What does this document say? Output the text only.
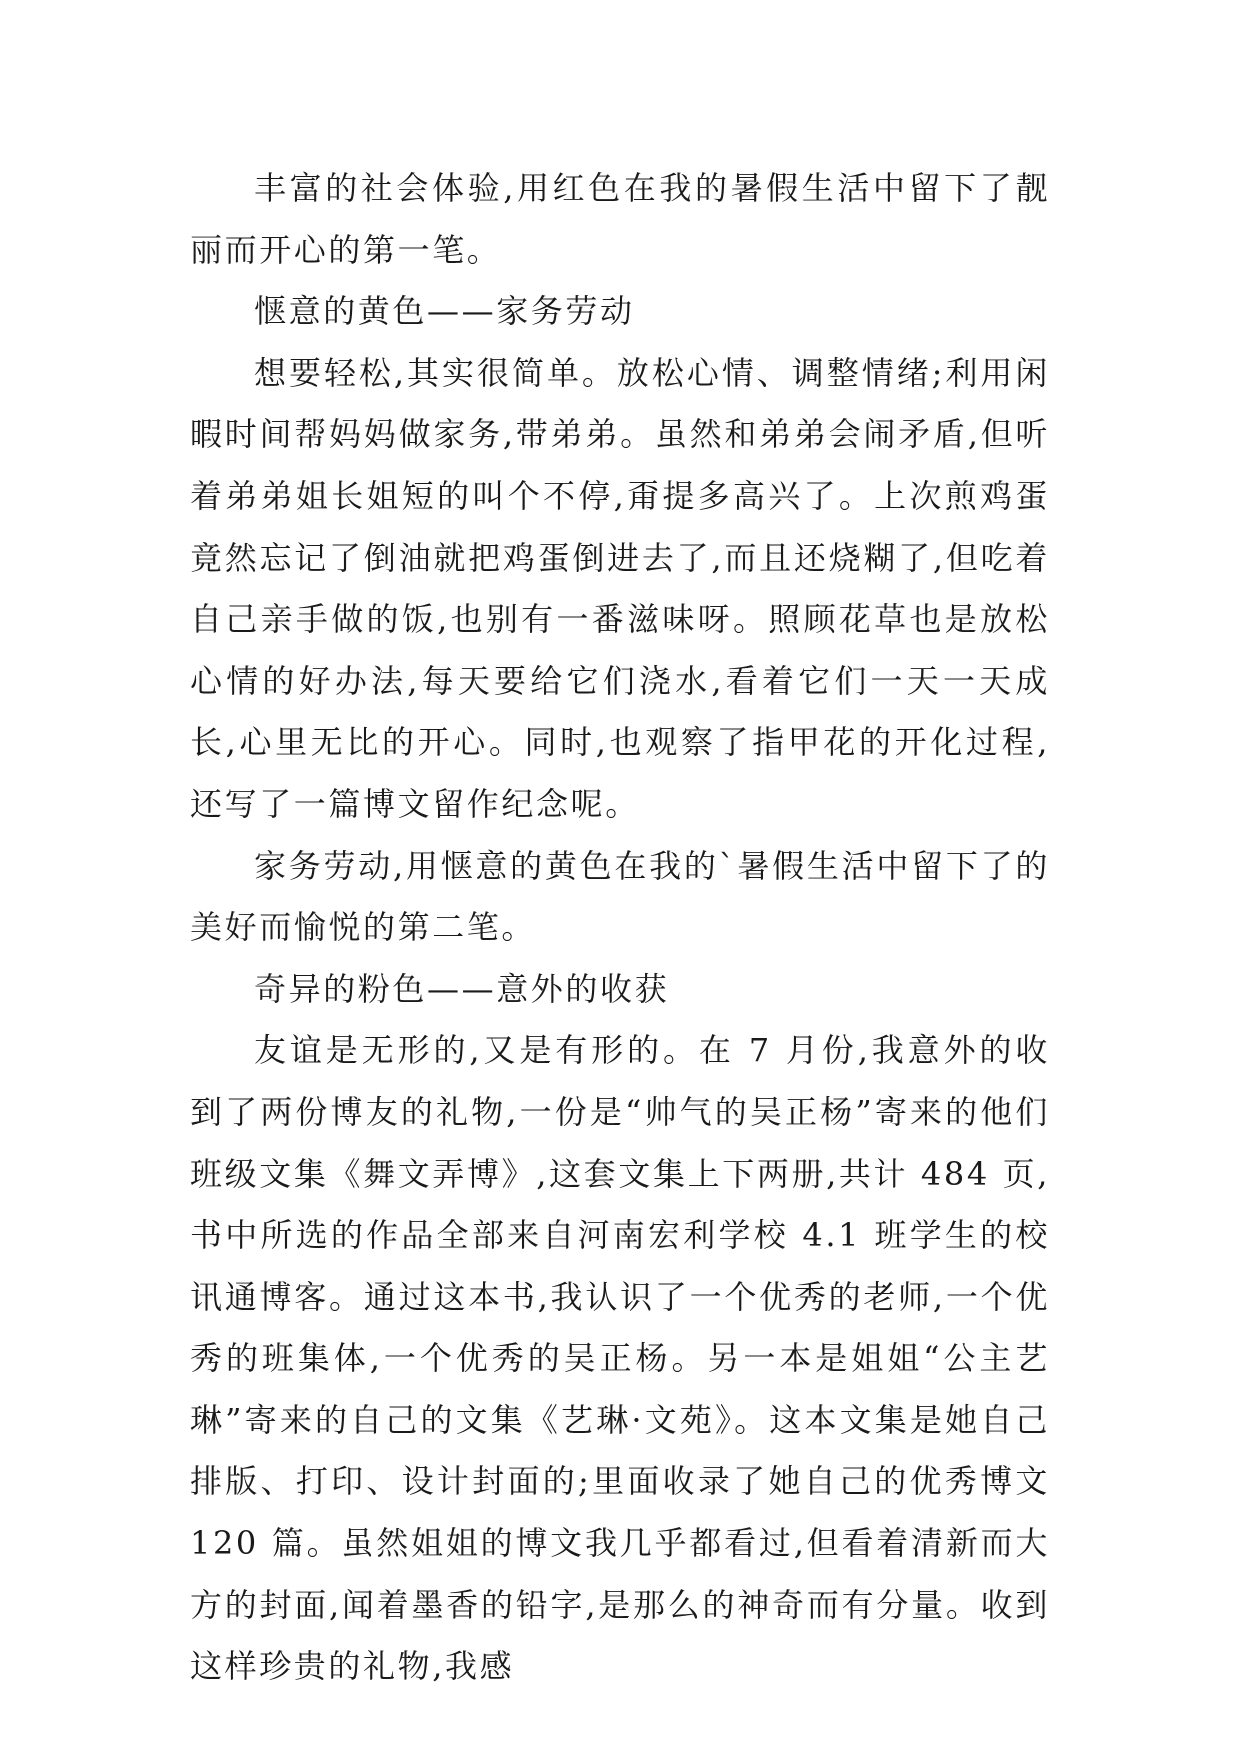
丰富的社会体验,用红色在我的暑假生活中留下了靓丽而开心的第一笔。

惬意的黄色——家务劳动

想要轻松,其实很简单。放松心情、调整情绪;利用闲暇时间帮妈妈做家务,带弟弟。虽然和弟弟会闹矛盾,但听着弟弟姐长姐短的叫个不停,甭提多高兴了。上次煎鸡蛋竟然忘记了倒油就把鸡蛋倒进去了,而且还烧糊了,但吃着自己亲手做的饭,也别有一番滋味呀。照顾花草也是放松心情的好办法,每天要给它们浇水,看着它们一天一天成长,心里无比的开心。同时,也观察了指甲花的开化过程,还写了一篇博文留作纪念呢。

家务劳动,用惬意的黄色在我的`暑假生活中留下了的美好而愉悦的第二笔。

奇异的粉色——意外的收获

友谊是无形的,又是有形的。在 7 月份,我意外的收到了两份博友的礼物,一份是“帅气的吴正杨”寄来的他们班级文集《舞文弄博》,这套文集上下两册,共计 484 页,书中所选的作品全部来自河南宏利学校 4.1 班学生的校讯通博客。通过这本书,我认识了一个优秀的老师,一个优秀的班集体,一个优秀的吴正杨。另一本是姐姐“公主艺琳”寄来的自己的文集《艺琳·文苑》。这本文集是她自己排版、打印、设计封面的;里面收录了她自己的优秀博文 120 篇。虽然姐姐的博文我几乎都看过,但看着清新而大方的封面,闻着墨香的铅字,是那么的神奇而有分量。收到这样珍贵的礼物,我感
